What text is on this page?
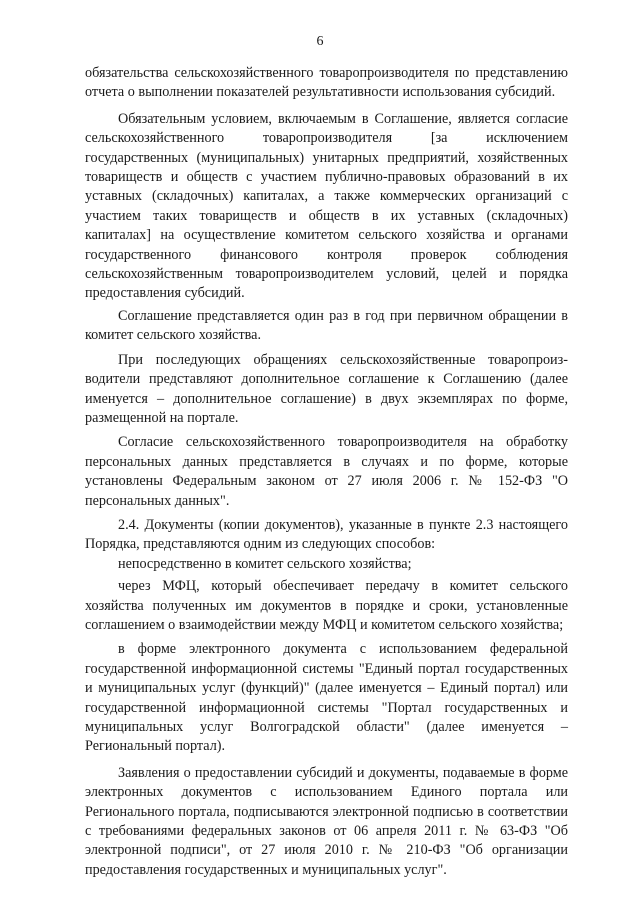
6

обязательства сельскохозяйственного товаропроизводителя по представлению отчета о выполнении показателей результативности использования субсидий.

Обязательным условием, включаемым в Соглашение, является согласие сельскохозяйственного товаропроизводителя [за исключением государственных (муниципальных) унитарных предприятий, хозяйственных товариществ и обществ с участием публично-правовых образований в их уставных (складочных) капиталах, а также коммерческих организаций с участием таких товариществ и обществ в их уставных (складочных) капиталах] на осуществление комитетом сельского хозяйства и органами государственного финансового контроля проверок соблюдения сельскохозяйственным товаропроизводителем условий, целей и порядка предоставления субсидий.

Соглашение представляется один раз в год при первичном обращении в комитет сельского хозяйства.

При последующих обращениях сельскохозяйственные товаропроизводители представляют дополнительное соглашение к Соглашению (далее именуется – дополнительное соглашение) в двух экземплярах по форме, размещенной на портале.

Согласие сельскохозяйственного товаропроизводителя на обработку персональных данных представляется в случаях и по форме, которые установлены Федеральным законом от 27 июля 2006 г. № 152-ФЗ "О персональных данных".

2.4. Документы (копии документов), указанные в пункте 2.3 настоящего Порядка, представляются одним из следующих способов:

непосредственно в комитет сельского хозяйства;

через МФЦ, который обеспечивает передачу в комитет сельского хозяйства полученных им документов в порядке и сроки, установленные соглашением о взаимодействии между МФЦ и комитетом сельского хозяйства;

в форме электронного документа с использованием федеральной государственной информационной системы "Единый портал государственных и муниципальных услуг (функций)" (далее именуется – Единый портал) или государственной информационной системы "Портал государственных и муниципальных услуг Волгоградской области" (далее именуется – Региональный портал).

Заявления о предоставлении субсидий и документы, подаваемые в форме электронных документов с использованием Единого портала или Регионального портала, подписываются электронной подписью в соответствии с требованиями федеральных законов от 06 апреля 2011 г. № 63-ФЗ "Об электронной подписи", от 27 июля 2010 г. № 210-ФЗ "Об организации предоставления государственных и муниципальных услуг".
